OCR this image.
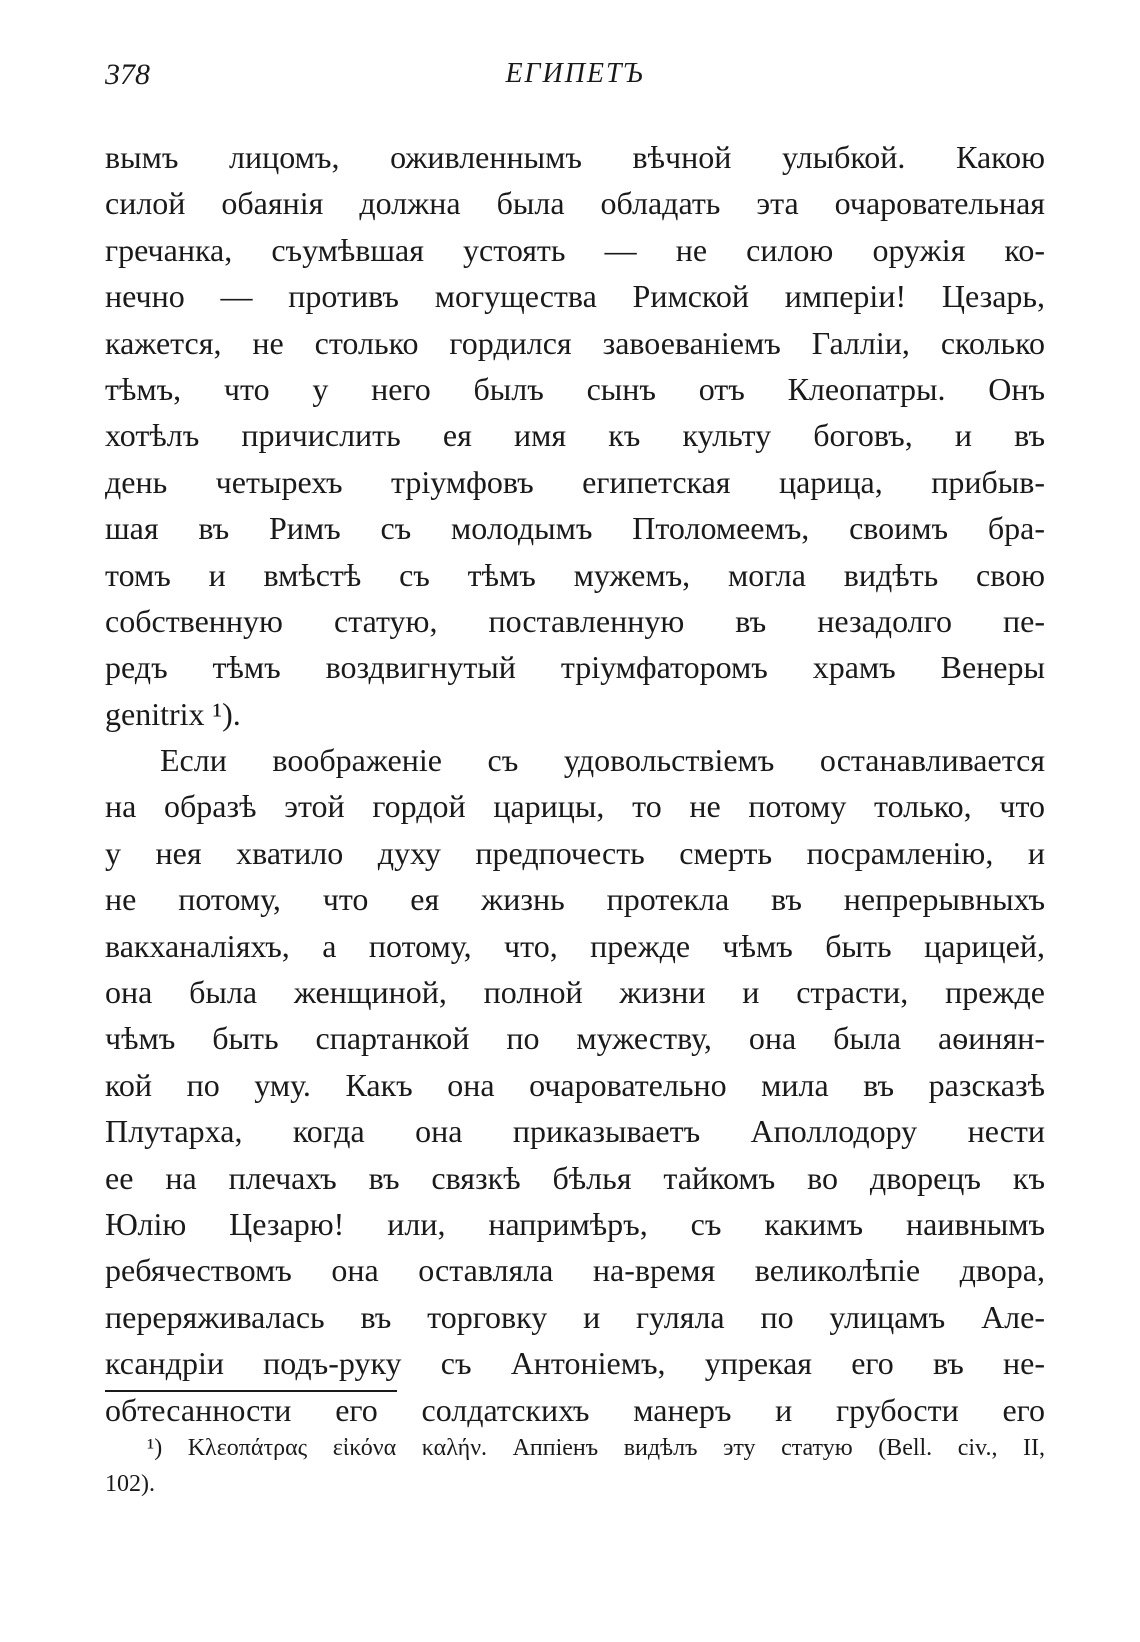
378	ЕГИПЕТЪ
вымъ лицомъ, оживленнымъ вѣчной улыбкой. Какою
силой обаянія должна была обладать эта очаровательная
гречанка, съумѣвшая устоять — не силою оружія ко-
нечно — противъ могущества Римской имперіи! Цезарь,
кажется, не столько гордился завоеваніемъ Галліи, сколько
тѣмъ, что у него былъ сынъ отъ Клеопатры. Онъ
хотѣлъ причислить ея имя къ культу боговъ, и въ
день четырехъ тріумфовъ египетская царица, прибыв-
шая въ Римъ съ молодымъ Птоломеемъ, своимъ бра-
томъ и вмѣстѣ съ тѣмъ мужемъ, могла видѣть свою
собственную статую, поставленную въ незадолго пе-
редъ тѣмъ воздвигнутый тріумфаторомъ храмъ Венеры
genitrix ¹).
Если воображеніе съ удовольствіемъ останавливается
на образѣ этой гордой царицы, то не потому только, что
у нея хватило духу предпочесть смерть посрамленію, и
не потому, что ея жизнь протекла въ непрерывныхъ
вакханаліяхъ, а потому, что, прежде чѣмъ быть царицей,
она была женщиной, полной жизни и страсти, прежде
чѣмъ быть спартанкой по мужеству, она была аѳинян-
кой по уму. Какъ она очаровательно мила въ разсказѣ
Плутарха, когда она приказываетъ Аполлодору нести
ее на плечахъ въ связкѣ бѣлья тайкомъ во дворецъ къ
Юлію Цезарю! или, напримѣръ, съ какимъ наивнымъ
ребячествомъ она оставляла на-время великолѣпіе двора,
переряживалась въ торговку и гуляла по улицамъ Але-
ксандріи подъ-руку съ Антоніемъ, упрекая его въ не-
обтесанности его солдатскихъ манеръ и грубости его
¹) Κλεοπάτρας εἰκόνα καλήν. Аппіенъ видѣлъ эту статую (Bell. civ., II,
102).
